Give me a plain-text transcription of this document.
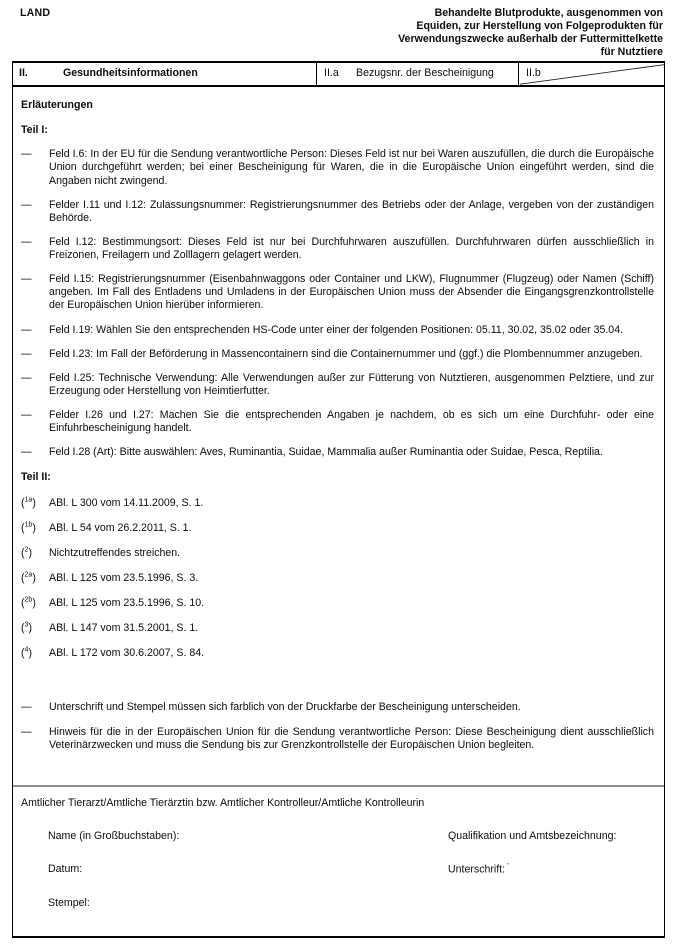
LAND	Behandelte Blutprodukte, ausgenommen von
Equiden, zur Herstellung von Folgeprodukten für
Verwendungszwecke außerhalb der Futtermittelkette
für Nutztiere
II.	Gesundheitsinformationen	II.a	Bezugsnr. der Bescheinigung	II.b
Erläuterungen
Teil I:
—	Feld I.6: In der EU für die Sendung verantwortliche Person: Dieses Feld ist nur bei Waren auszufüllen, die durch die Europäische Union durchgeführt werden; bei einer Bescheinigung für Waren, die in die Europäische Union eingeführt werden, sind die Angaben nicht zwingend.
—	Felder I.11 und I.12: Zulassungsnummer: Registrierungsnummer des Betriebs oder der Anlage, vergeben von der zuständigen Behörde.
—	Feld I.12: Bestimmungsort: Dieses Feld ist nur bei Durchfuhrwaren auszufüllen. Durchfuhrwaren dürfen ausschließlich in Freizonen, Freilagern und Zolllagern gelagert werden.
—	Feld I.15: Registrierungsnummer (Eisenbahnwaggons oder Container und LKW), Flugnummer (Flugzeug) oder Namen (Schiff) angeben. Im Fall des Entladens und Umladens in der Europäischen Union muss der Absender die Eingangsgrenzkontrollstelle der Europäischen Union hierüber informieren.
—	Feld I.19: Wählen Sie den entsprechenden HS-Code unter einer der folgenden Positionen: 05.11, 30.02, 35.02 oder 35.04.
—	Feld I.23: Im Fall der Beförderung in Massencontainern sind die Containernummer und (ggf.) die Plombennummer anzugeben.
—	Feld I.25: Technische Verwendung: Alle Verwendungen außer zur Fütterung von Nutztieren, ausgenommen Pelztiere, und zur Erzeugung oder Herstellung von Heimtierfutter.
—	Felder I.26 und I.27: Machen Sie die entsprechenden Angaben je nachdem, ob es sich um eine Durchfuhr- oder eine Einfuhrbescheinigung handelt.
—	Feld I.28 (Art): Bitte auswählen: Aves, Ruminantia, Suidae, Mammalia außer Ruminantia oder Suidae, Pesca, Reptilia.
Teil II:
($^{1a}$)	ABl. L 300 vom 14.11.2009, S. 1.
($^{1b}$)	ABl. L 54 vom 26.2.2011, S. 1.
($^2$)	Nichtzutreffendes streichen.
($^{2a}$)	ABl. L 125 vom 23.5.1996, S. 3.
($^{2b}$)	ABl. L 125 vom 23.5.1996, S. 10.
($^3$)	ABl. L 147 vom 31.5.2001, S. 1.
($^4$)	ABl. L 172 vom 30.6.2007, S. 84.
—	Unterschrift und Stempel müssen sich farblich von der Druckfarbe der Bescheinigung unterscheiden.
—	Hinweis für die in der Europäischen Union für die Sendung verantwortliche Person: Diese Bescheinigung dient ausschließlich Veterinärzwecken und muss die Sendung bis zur Grenzkontrollstelle der Europäischen Union begleiten.
Amtlicher Tierarzt/Amtliche Tierärztin bzw. Amtlicher Kontrolleur/Amtliche Kontrolleurin
Name (in Großbuchstaben):	Qualifikation und Amtsbezeichnung:
Datum:	Unterschrift: ”
Stempel:
